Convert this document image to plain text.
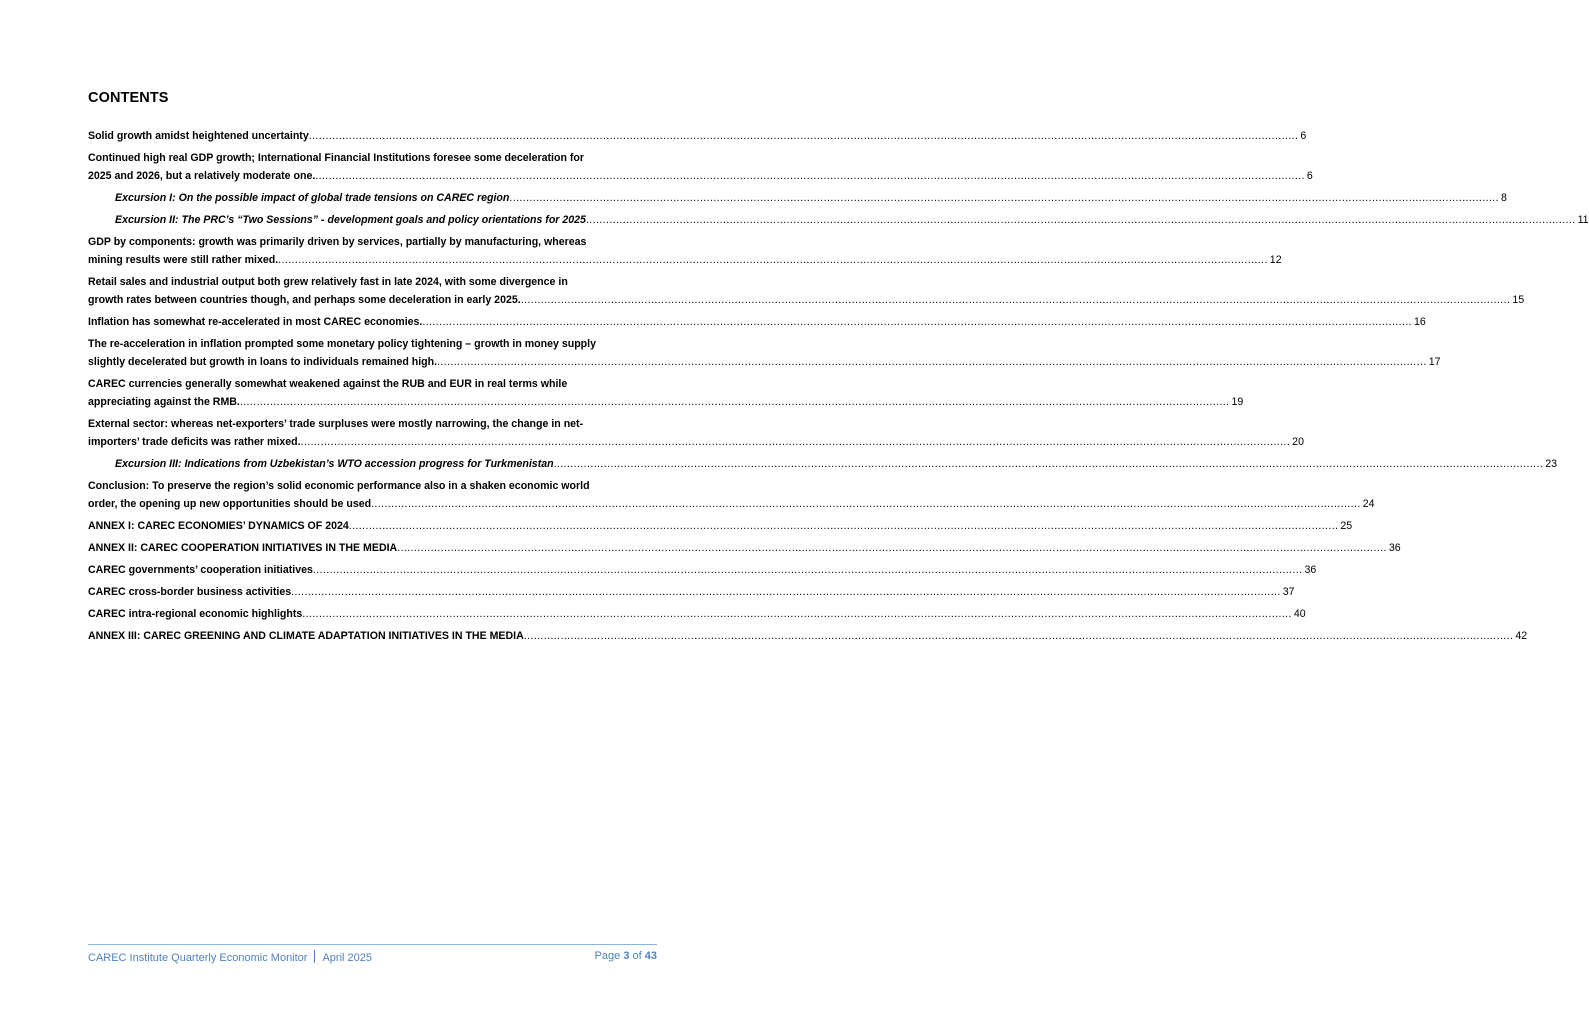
CONTENTS
Solid growth amidst heightened uncertainty .....	6
Continued high real GDP growth; International Financial Institutions foresee some deceleration for
2025 and 2026, but a relatively moderate one. .....	6
Excursion I: On the possible impact of global trade tensions on CAREC region .....	8
Excursion II: The PRC’s “Two Sessions” - development goals and policy orientations for 2025 .....	11
GDP by components: growth was primarily driven by services, partially by manufacturing, whereas
mining results were still rather mixed. .....	12
Retail sales and industrial output both grew relatively fast in late 2024, with some divergence in
growth rates between countries though, and perhaps some deceleration in early 2025. .....	15
Inflation has somewhat re-accelerated in most CAREC economies. .....	16
The re-acceleration in inflation prompted some monetary policy tightening – growth in money supply
slightly decelerated but growth in loans to individuals remained high. .....	17
CAREC currencies generally somewhat weakened against the RUB and EUR in real terms while
appreciating against the RMB. .....	19
External sector: whereas net-exporters’ trade surpluses were mostly narrowing, the change in net-
importers’ trade deficits was rather mixed. .....	20
Excursion III: Indications from Uzbekistan’s WTO accession progress for Turkmenistan .....	23
Conclusion: To preserve the region’s solid economic performance also in a shaken economic world
order, the opening up new opportunities should be used .....	24
ANNEX I: CAREC ECONOMIES’ DYNAMICS OF 2024 .....	25
ANNEX II: CAREC COOPERATION INITIATIVES IN THE MEDIA .....	36
CAREC governments’ cooperation initiatives .....	36
CAREC cross-border business activities .....	37
CAREC intra-regional economic highlights .....	40
ANNEX III: CAREC GREENING AND CLIMATE ADAPTATION INITIATIVES IN THE MEDIA .....	42
CAREC Institute Quarterly Economic Monitor April 2025	Page 3 of 43
